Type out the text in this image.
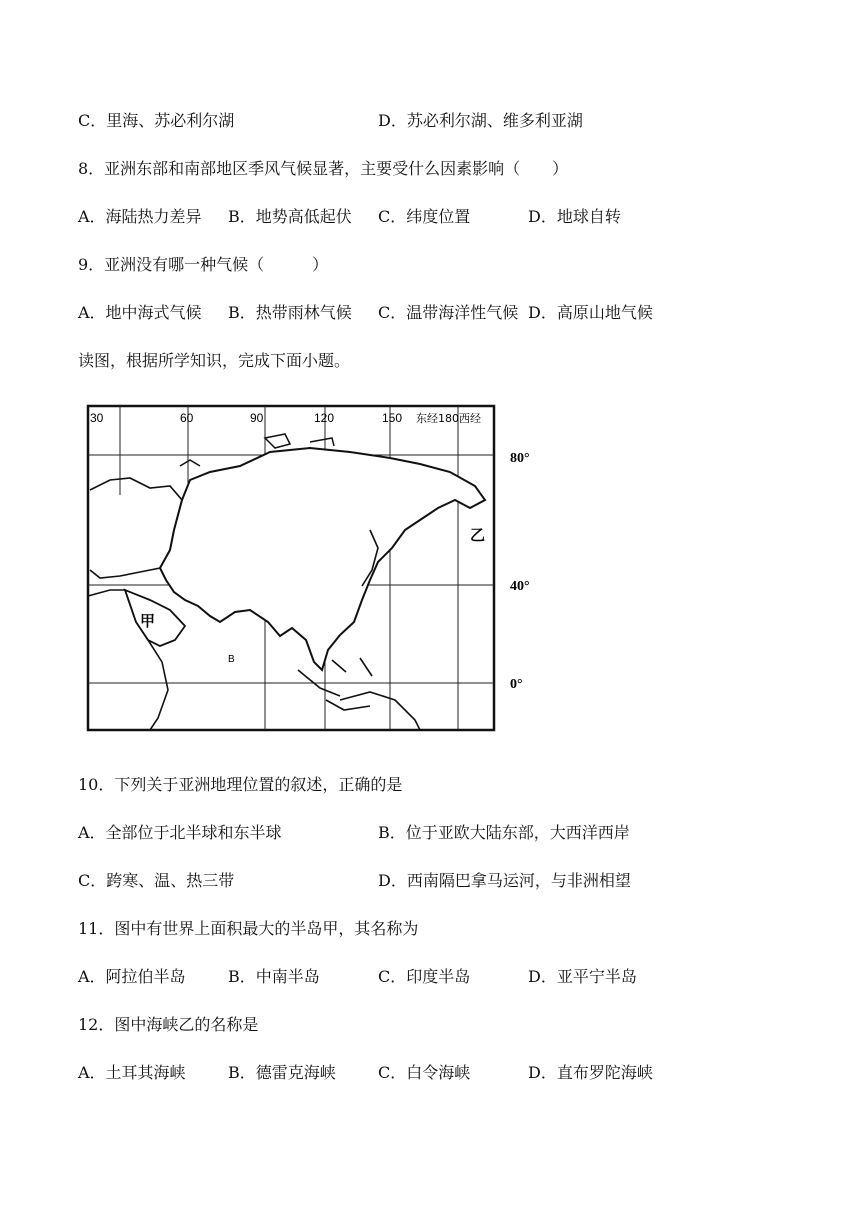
C．里海、苏必利尔湖	D．苏必利尔湖、维多利亚湖
8．亚洲东部和南部地区季风气候显著，主要受什么因素影响（　　）
A．海陆热力差异 B．地势高低起伏 C．纬度位置	D．地球自转
9．亚洲没有哪一种气候（　　　）
A．地中海式气候 B．热带雨林气候 C．温带海洋性气候 D．高原山地气候
读图，根据所学知识，完成下面小题。
30	60	90	120	150 东经180西经
80°
40°
0°
甲
乙
B
10．下列关于亚洲地理位置的叙述，正确的是
A．全部位于北半球和东半球	B．位于亚欧大陆东部，大西洋西岸
C．跨寒、温、热三带	D．西南隔巴拿马运河，与非洲相望
11．图中有世界上面积最大的半岛甲，其名称为
A．阿拉伯半岛	B．中南半岛	C．印度半岛	D．亚平宁半岛
12．图中海峡乙的名称是
A．土耳其海峡	B．德雷克海峡	C．白令海峡	D．直布罗陀海峡
